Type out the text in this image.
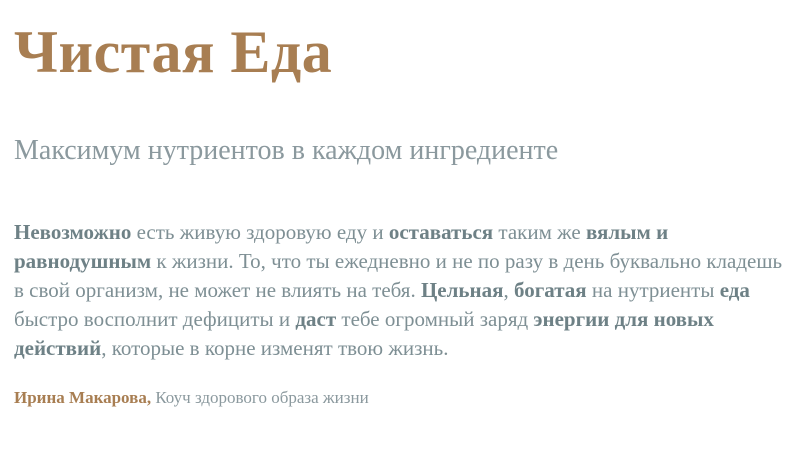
Чистая Еда
Максимум нутриентов в каждом ингредиенте

Невозможно есть живую здоровую еду и оставаться таким же вялым и равнодушным к жизни. То, что ты ежедневно и не по разу в день буквально кладешь в свой организм, не может не влиять на тебя. Цельная, богатая на нутриенты еда быстро восполнит дефициты и даст тебе огромный заряд энергии для новых действий, которые в корне изменят твою жизнь.

Ирина Макарова, Коуч здорового образа жизни
